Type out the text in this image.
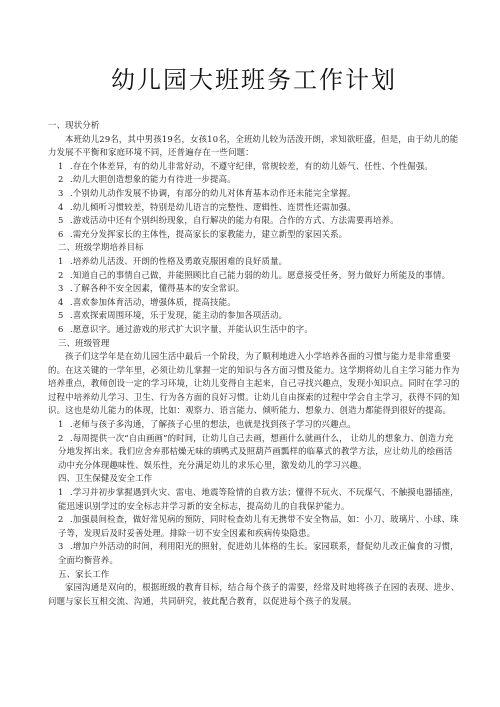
幼儿园大班班务工作计划

一、现状分析

本班幼儿29名，其中男孩19名，女孩10名，全班幼儿较为活泼开朗，求知欲旺盛，但是，由于幼儿的能力发展不平衡和家庭环境不同，还普遍存在一些问题：

1 .存在个体差异，有的幼儿非常好动，不遵守纪律，常规较差，有的幼儿娇气、任性、个性倔强。

2 .幼儿大胆创造想象的能力有待进一步提高。

3 .个别幼儿动作发展不协调，有部分的幼儿对体育基本动作还未能完全掌握。

4 .幼儿倾听习惯较差，特别是幼儿语言的完整性、逻辑性、连贯性还需加强。

5 .游戏活动中还有个别纠纷现象，自行解决的能力有限。合作的方式、方法需要再培养。

6 .需充分发挥家长的主体性，提高家长的家教能力，建立新型的家园关系。

二、班级学期培养目标

1 .培养幼儿活泼、开朗的性格及勇敢克服困难的良好质量。

2 .知道自己的事情自己做，并能照顾比自己能力弱的幼儿。愿意接受任务，努力做好力所能及的事情。

3 .了解各种不安全因素，懂得基本的安全常识。

4 .喜欢参加体育活动，增强体质，提高技能。

5 .喜欢探索周围环境，乐于发现，能主动的参加各项活动。

6 .愿意识字。通过游戏的形式扩大识字量，并能认识生活中的字。

三、班级管理

孩子们这学年是在幼儿园生活中最后一个阶段，为了顺利地进入小学培养各面的习惯与能力是非常重要的。在这关键的一学年里，必须让幼儿掌握一定的知识与各方面习惯及能力。这学期将幼儿自主学习能力作为培养重点，教师创设一定的学习环境，让幼儿变得自主起来，自己寻找兴趣点，发现小知识点。同时在学习的过程中培养幼儿学习、卫生、行为各方面的良好习惯。让幼儿自由探索的过程中学会自主学习，获得不同的知识。这也是幼儿能力的体现，比如：观察力、语言能力、倾听能力、想象力、创造力都能得到很好的提高。

1 .老师与孩子多沟通，了解孩子心里的想法，也就是找到孩子学习的兴趣点。

2 .每周提供一次“自由画画”的时间，让幼儿自己去画，想画什么就画什么， 让幼儿的想象力、创造力充分地发挥出来。我们应舍弃那枯燥无味的填鸭式及照葫芦画瓢样的临摹式的教学方法，应让幼儿的绘画活动中充分体现趣味性、娱乐性，充分满足幼儿的求乐心里，激发幼儿的学习兴趣。

四、卫生保健及安全工作

1 .学习并初步掌握遇到火灾、雷电、地震等险情的自救方法；懂得不玩火、不玩煤气、不触摸电器插座，能迅速识别学过的安全标志并学习新的安全标志，提高幼儿的自我保护能力。

2 .加强晨间检查，做好常见病的预防，同时检查幼儿有无携带不安全物品，如：小刀、玻璃片、小球、珠子等，发现后及时妥善处理。排除一切不安全因素和疾病传染隐患。

3 .增加户外活动的时间，利用阳光的照射，促进幼儿体格的生长。家园联系，督促幼儿改正偏食的习惯，全面均衡营养。

五、家长工作

家园沟通是双向的，根据班级的教育目标，结合每个孩子的需要，经常及时地将孩子在园的表现、进步、问题与家长互相交流、沟通，共同研究，彼此配合教育，以促进每个孩子的发展。
